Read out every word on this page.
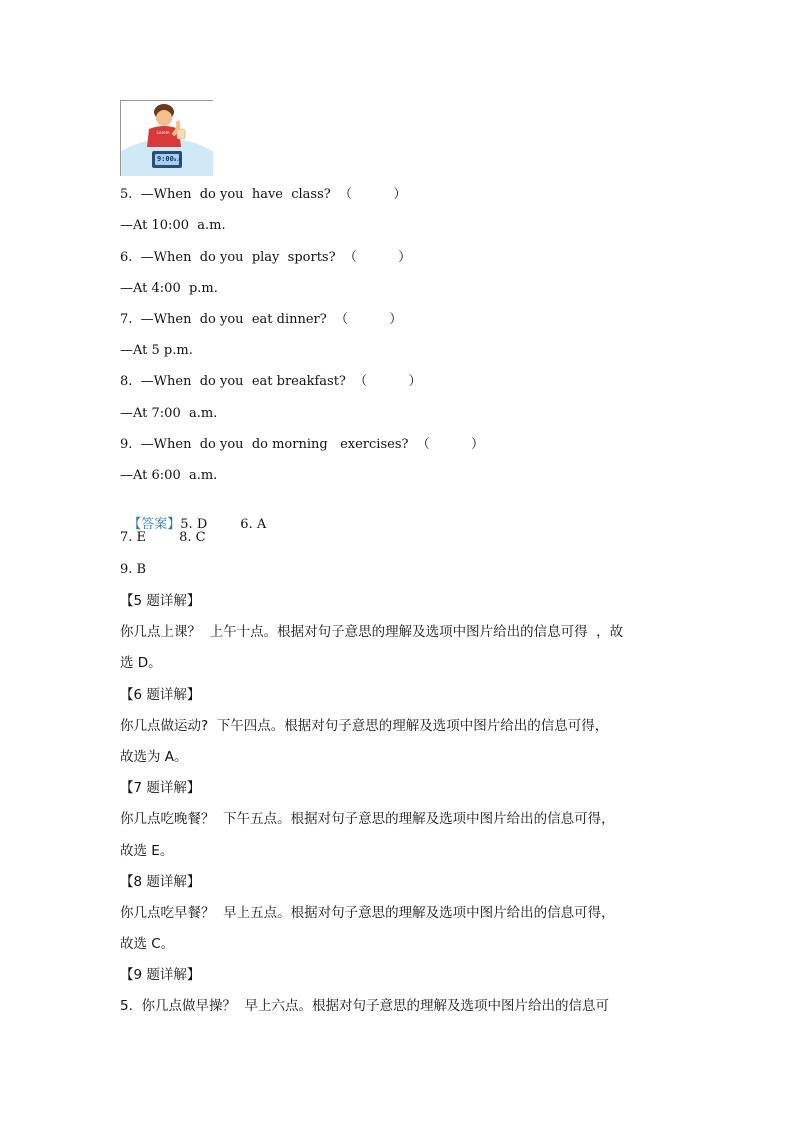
Lorem
9:00a.m
5.  —When  do you  have  class?  （          ）
—At 10:00  a.m.
6.  —When  do you  play  sports?  （          ）
—At 4:00  p.m.
7.  —When  do you  eat dinner?  （          ）
—At 5 p.m.
8.  —When  do you  eat breakfast?  （          ）
—At 7:00  a.m.
9.  —When  do you  do morning   exercises?  （          ）
—At 6:00  a.m.

【答案】5. D        6. A

7. E        8. C
9. B
【5 题详解】
你几点上课？  上午十点。根据对句子意思的理解及选项中图片给出的信息可得  ，故
选 D。
【6 题详解】
你几点做运动?  下午四点。根据对句子意思的理解及选项中图片给出的信息可得，
故选为 A。
【7 题详解】
你几点吃晚餐？  下午五点。根据对句子意思的理解及选项中图片给出的信息可得，
故选 E。
【8 题详解】
你几点吃早餐？  早上五点。根据对句子意思的理解及选项中图片给出的信息可得，
故选 C。
【9 题详解】
5.  你几点做早操？  早上六点。根据对句子意思的理解及选项中图片给出的信息可
